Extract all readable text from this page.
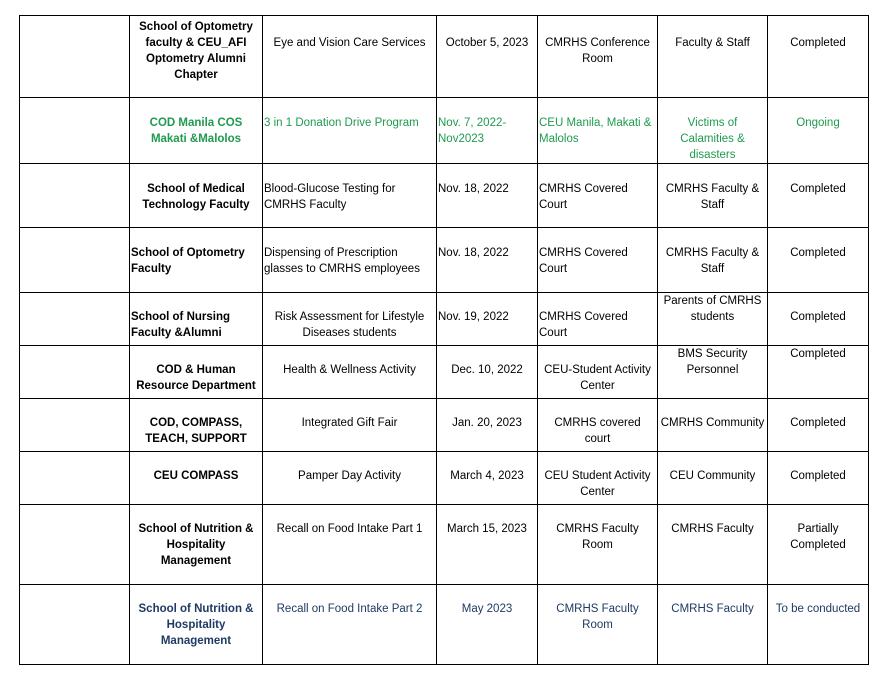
	School of Optometry faculty & CEU_AFI Optometry Alumni Chapter	Eye and Vision Care Services	October 5, 2023	CMRHS Conference Room	Faculty & Staff	Completed

	COD Manila COS Makati &Malolos	3 in 1 Donation Drive Program	Nov. 7, 2022- Nov2023	CEU Manila, Makati & Malolos	Victims of Calamities & disasters	Ongoing

	School of Medical Technology Faculty	Blood-Glucose Testing for CMRHS Faculty	Nov. 18, 2022	CMRHS Covered Court	CMRHS Faculty & Staff	Completed

	School of Optometry Faculty	Dispensing of Prescription glasses to CMRHS employees	Nov. 18, 2022	CMRHS Covered Court	CMRHS Faculty & Staff	Completed

	School of Nursing Faculty &Alumni	Risk Assessment for Lifestyle Diseases students	Nov. 19, 2022	CMRHS Covered Court	Parents of CMRHS students	Completed

	COD & Human Resource Department	Health & Wellness Activity	Dec. 10, 2022	CEU-Student Activity Center	BMS Security Personnel	Completed

	COD, COMPASS, TEACH, SUPPORT	Integrated Gift Fair	Jan. 20, 2023	CMRHS covered court	CMRHS Community	Completed

	CEU COMPASS	Pamper Day Activity	March 4, 2023	CEU Student Activity Center	CEU Community	Completed

	School of Nutrition & Hospitality Management	Recall on Food Intake Part 1	March 15, 2023	CMRHS Faculty Room	CMRHS Faculty	Partially Completed

	School of Nutrition & Hospitality Management	Recall on Food Intake Part 2	May 2023	CMRHS Faculty Room	CMRHS Faculty	To be conducted
